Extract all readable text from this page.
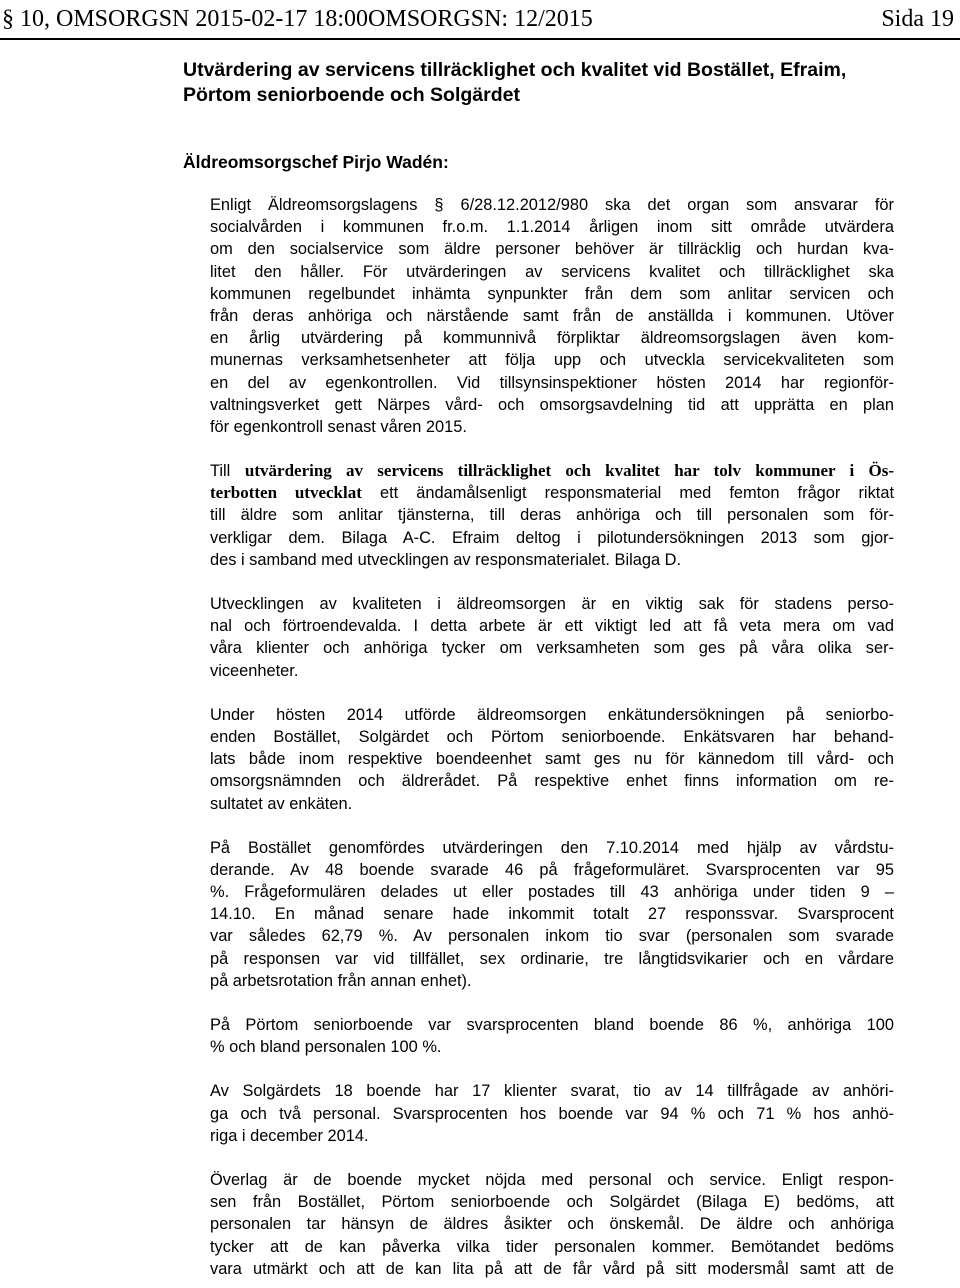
§ 10, OMSORGSN 2015-02-17 18:00OMSORGSN: 12/2015	Sida 19
Utvärdering av servicens tillräcklighet och kvalitet vid Bostället, Efraim,
Pörtom seniorboende och Solgärdet
Äldreomsorgschef Pirjo Wadén:
Enligt Äldreomsorgslagens § 6/28.12.2012/980 ska det organ som ansvarar för
socialvården i kommunen fr.o.m. 1.1.2014 årligen inom sitt område utvärdera
om den socialservice som äldre personer behöver är tillräcklig och hurdan kva-
litet den håller. För utvärderingen av servicens kvalitet och tillräcklighet ska
kommunen regelbundet inhämta synpunkter från dem som anlitar servicen och
från deras anhöriga och närstående samt från de anställda i kommunen. Utöver
en årlig utvärdering på kommunnivå förpliktar äldreomsorgslagen även kom-
munernas verksamhetsenheter att följa upp och utveckla servicekvaliteten som
en del av egenkontrollen. Vid tillsynsinspektioner hösten 2014 har regionför-
valtningsverket gett Närpes vård- och omsorgsavdelning tid att upprätta en plan
för egenkontroll senast våren 2015.
Till utvärdering av servicens tillräcklighet och kvalitet har tolv kommuner i Ös-
terbotten utvecklat ett ändamålsenligt responsmaterial med femton frågor riktat
till äldre som anlitar tjänsterna, till deras anhöriga och till personalen som för-
verkligar dem. Bilaga A-C. Efraim deltog i pilotundersökningen 2013 som gjor-
des i samband med utvecklingen av responsmaterialet. Bilaga D.
Utvecklingen av kvaliteten i äldreomsorgen är en viktig sak för stadens perso-
nal och förtroendevalda. I detta arbete är ett viktigt led att få veta mera om vad
våra klienter och anhöriga tycker om verksamheten som ges på våra olika ser-
viceenheter.
Under hösten 2014 utförde äldreomsorgen enkätundersökningen på seniorbo-
enden Bostället, Solgärdet och Pörtom seniorboende. Enkätsvaren har behand-
lats både inom respektive boendeenhet samt ges nu för kännedom till vård- och
omsorgsnämnden och äldrerådet. På respektive enhet finns information om re-
sultatet av enkäten.
På Bostället genomfördes utvärderingen den 7.10.2014 med hjälp av vårdstu-
derande. Av 48 boende svarade 46 på frågeformuläret. Svarsprocenten var 95
%. Frågeformulären delades ut eller postades till 43 anhöriga under tiden 9 –
14.10. En månad senare hade inkommit totalt 27 responssvar. Svarsprocent
var således 62,79 %. Av personalen inkom tio svar (personalen som svarade
på responsen var vid tillfället, sex ordinarie, tre långtidsvikarier och en vårdare
på arbetsrotation från annan enhet).
På Pörtom seniorboende var svarsprocenten bland boende 86 %, anhöriga 100
% och bland personalen 100 %.
Av Solgärdets 18 boende har 17 klienter svarat, tio av 14 tillfrågade av anhöri-
ga och två personal. Svarsprocenten hos boende var 94 % och 71 % hos anhö-
riga i december 2014.
Överlag är de boende mycket nöjda med personal och service. Enligt respon-
sen från Bostället, Pörtom seniorboende och Solgärdet (Bilaga E) bedöms, att
personalen tar hänsyn de äldres åsikter och önskemål. De äldre och anhöriga
tycker att de kan påverka vilka tider personalen kommer. Bemötandet bedöms
vara utmärkt och att de kan lita på att de får vård på sitt modersmål samt att de
